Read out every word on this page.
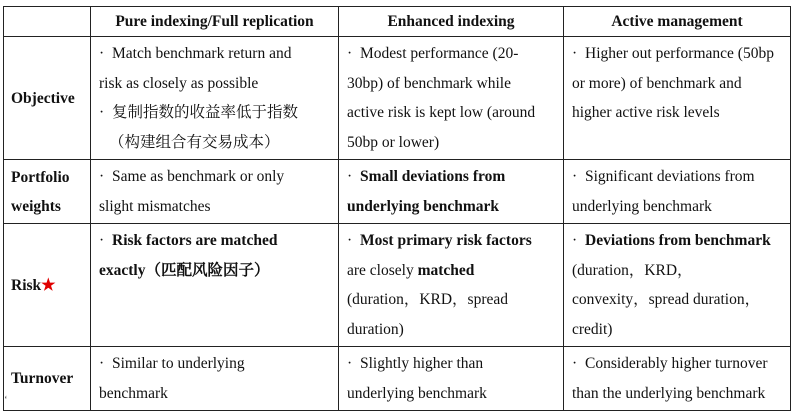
	Pure indexing/Full replication	Enhanced indexing	Active management
Objective	· Match benchmark return and
risk as closely as possible
· 复制指数的收益率低于指数
（构建组合有交易成本）	· Modest performance (20-
30bp) of benchmark while
active risk is kept low (around
50bp or lower)	· Higher out performance (50bp
or more) of benchmark and
higher active risk levels
Portfolio
weights	· Same as benchmark or only
slight mismatches	· Small deviations from
underlying benchmark	· Significant deviations from
underlying benchmark
Risk★	· Risk factors are matched
exactly（匹配风险因子）	· Most primary risk factors
are closely matched
(duration，KRD，spread
duration)	· Deviations from benchmark
(duration，KRD，
convexity，spread duration，
credit)
Turnover	· Similar to underlying
benchmark	· Slightly higher than
underlying benchmark	· Considerably higher turnover
than the underlying benchmark
‘
